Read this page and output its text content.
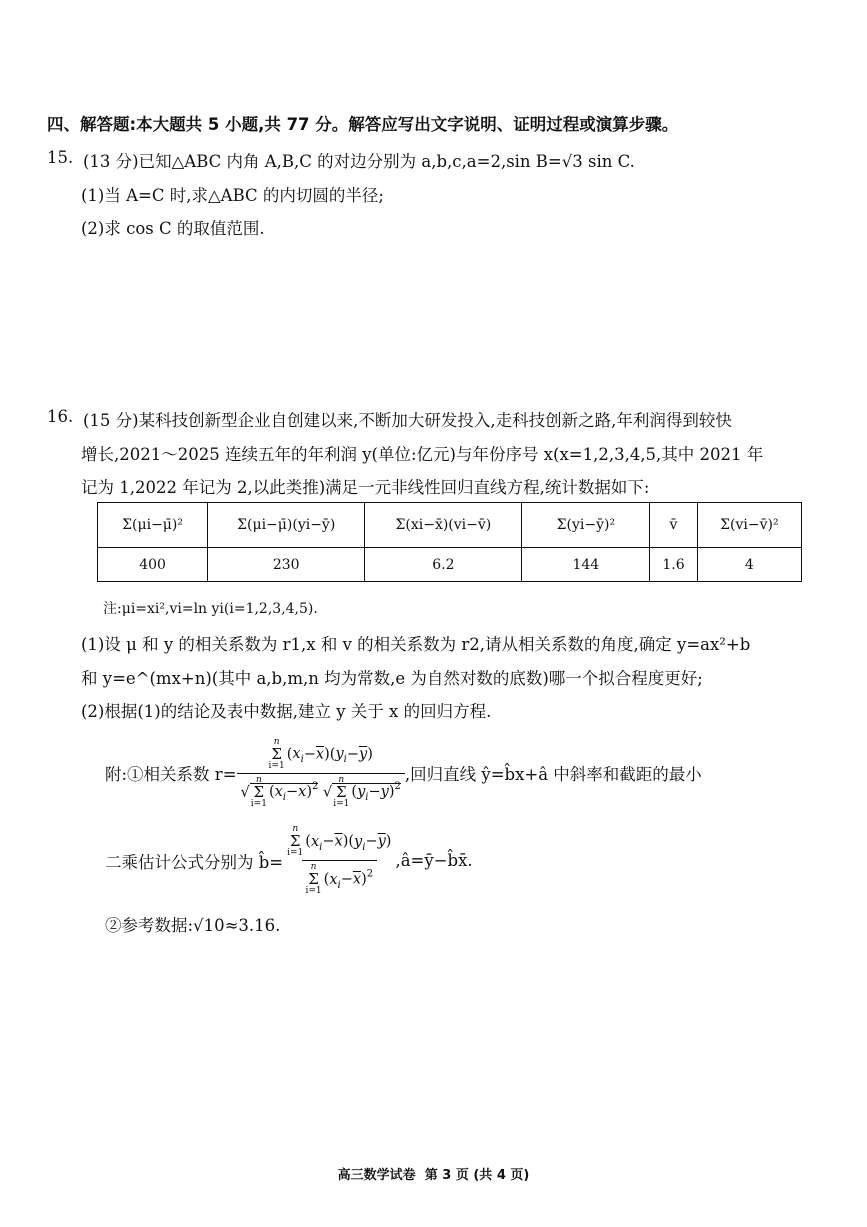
四、解答题:本大题共 5 小题,共 77 分。解答应写出文字说明、证明过程或演算步骤。
15. (13 分)已知△ABC 内角 A,B,C 的对边分别为 a,b,c,a=2,sin B=√3 sin C.
(1)当 A=C 时,求△ABC 的内切圆的半径;
(2)求 cos C 的取值范围.
16. (15 分)某科技创新型企业自创建以来,不断加大研发投入,走科技创新之路,年利润得到较快
增长,2021～2025 连续五年的年利润 y(单位:亿元)与年份序号 x(x=1,2,3,4,5,其中 2021 年
记为 1,2022 年记为 2,以此类推)满足一元非线性回归直线方程,统计数据如下:
Σ(μi−μ̄)²	Σ(μi−μ̄)(yi−ȳ)	Σ(xi−x̄)(vi−v̄)	Σ(yi−ȳ)²	v̄	Σ(vi−v̄)²
400	230	6.2	144	1.6	4
注:μi=xi²,vi=ln yi(i=1,2,3,4,5).
(1)设 μ 和 y 的相关系数为 r1,x 和 v 的相关系数为 r2,请从相关系数的角度,确定 y=ax²+b
和 y=e^(mx+n)(其中 a,b,m,n 均为常数,e 为自然对数的底数)哪一个拟合程度更好;
(2)根据(1)的结论及表中数据,建立 y 关于 x 的回归方程.
附:①相关系数 r= n
Σ
i=1
$(x_i-\overline{x})(y_i-\overline{y})$
√
n
Σ
i=1
$(x_i-\overline{x})^2$ √
n
Σ
i=1
$(y_i-\overline{y})^2$ ,回归直线 ŷ=b̂x+â 中斜率和截距的最小
二乘估计公式分别为 b̂= n
Σ
i=1
$(x_i-\overline{x})(y_i-\overline{y})$
n
Σ
i=1
$(x_i-\overline{x})^2$ ,â=ȳ−b̂x̄.
②参考数据:√10≈3.16.
高三数学试卷  第 3 页 (共 4 页)
